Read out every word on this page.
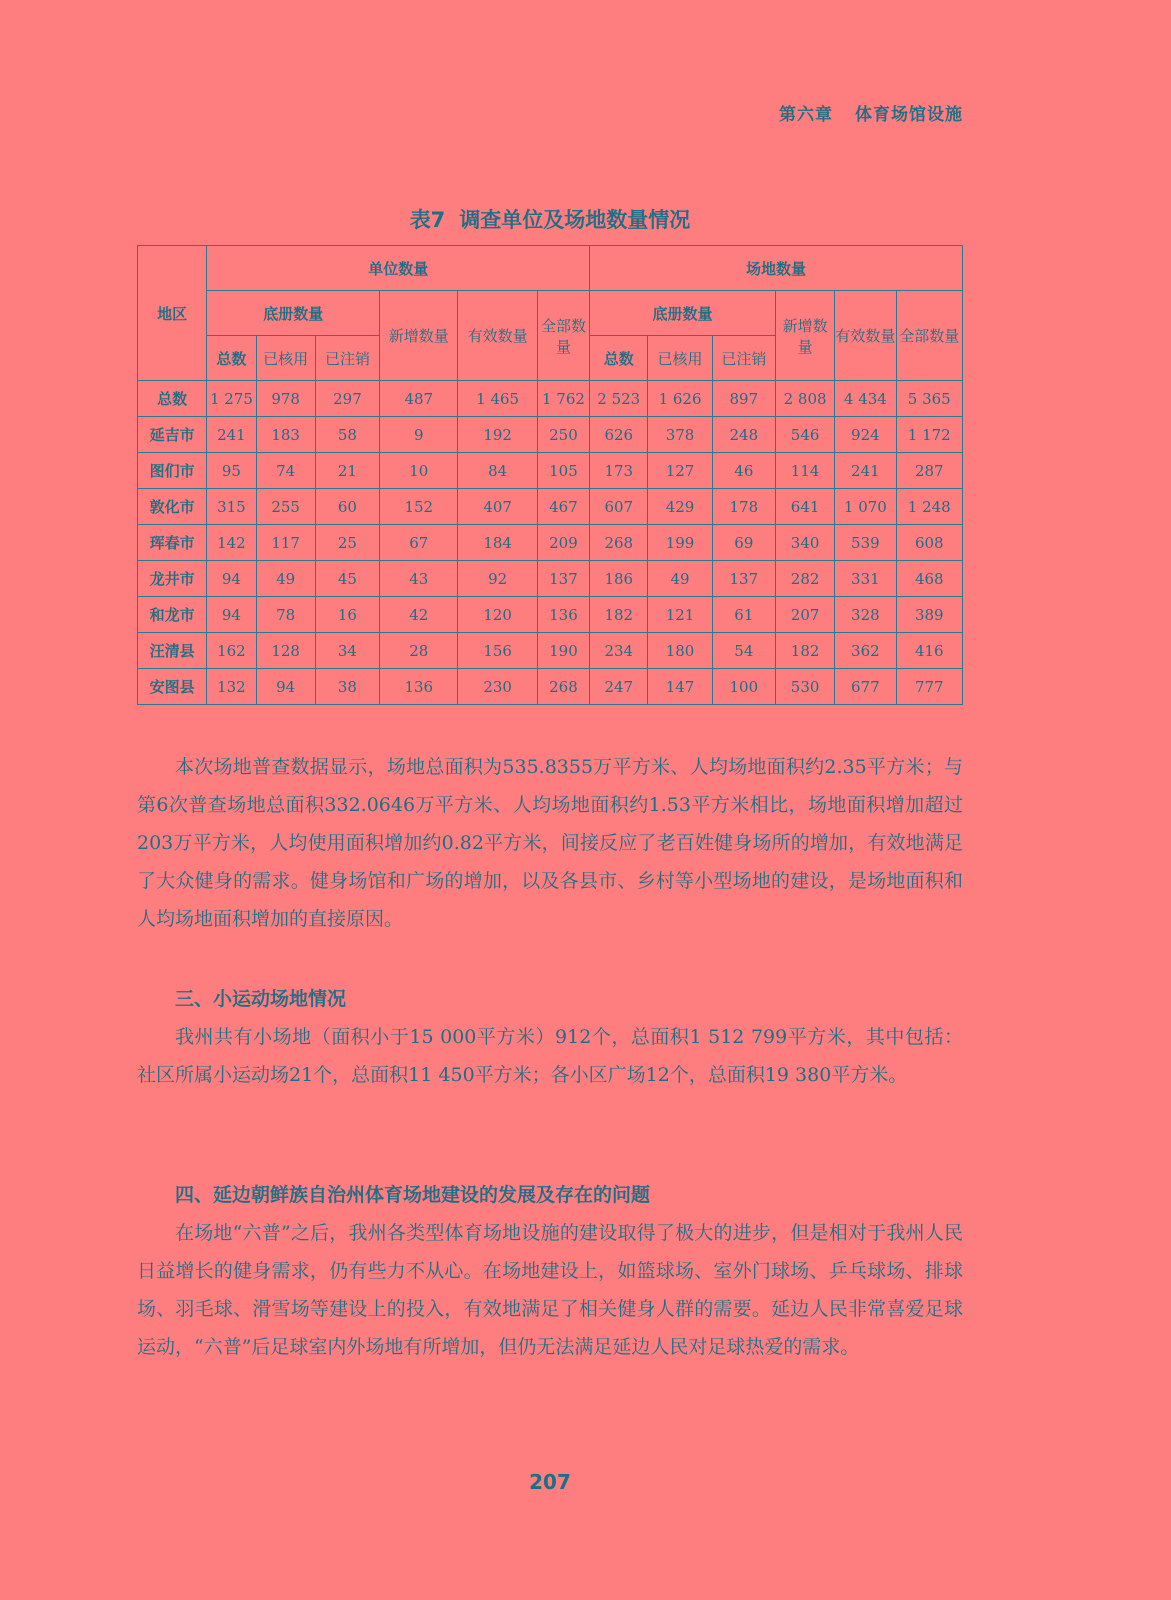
第六章 体育场馆设施
表7 调查单位及场地数量情况
地区	单位数量						场地数量					
	底册数量			新增数量	有效数量	全部数量	底册数量			新增数量	有效数量	全部数量
	总数	已核用	已注销				总数	已核用	已注销			
总数	1 275	978	297	487	1 465	1 762	2 523	1 626	897	2 808	4 434	5 365
延吉市	241	183	58	9	192	250	626	378	248	546	924	1 172
图们市	95	74	21	10	84	105	173	127	46	114	241	287
敦化市	315	255	60	152	407	467	607	429	178	641	1 070	1 248
珲春市	142	117	25	67	184	209	268	199	69	340	539	608
龙井市	94	49	45	43	92	137	186	49	137	282	331	468
和龙市	94	78	16	42	120	136	182	121	61	207	328	389
汪清县	162	128	34	28	156	190	234	180	54	182	362	416
安图县	132	94	38	136	230	268	247	147	100	530	677	777

本次场地普查数据显示，场地总面积为535.8355万平方米、人均场地面积约2.35平方米；与第6次普查场地总面积332.0646万平方米、人均场地面积约1.53平方米相比，场地面积增加超过203万平方米，人均使用面积增加约0.82平方米，间接反应了老百姓健身场所的增加，有效地满足了大众健身的需求。健身场馆和广场的增加，以及各县市、乡村等小型场地的建设，是场地面积和人均场地面积增加的直接原因。

三、小运动场地情况

我州共有小场地（面积小于15 000平方米）912个，总面积1 512 799平方米，其中包括：社区所属小运动场21个，总面积11 450平方米；各小区广场12个，总面积19 380平方米。

四、延边朝鲜族自治州体育场地建设的发展及存在的问题

在场地“六普”之后，我州各类型体育场地设施的建设取得了极大的进步，但是相对于我州人民日益增长的健身需求，仍有些力不从心。在场地建设上，如篮球场、室外门球场、乒乓球场、排球场、羽毛球、滑雪场等建设上的投入，有效地满足了相关健身人群的需要。延边人民非常喜爱足球运动，“六普”后足球室内外场地有所增加，但仍无法满足延边人民对足球热爱的需求。

207
